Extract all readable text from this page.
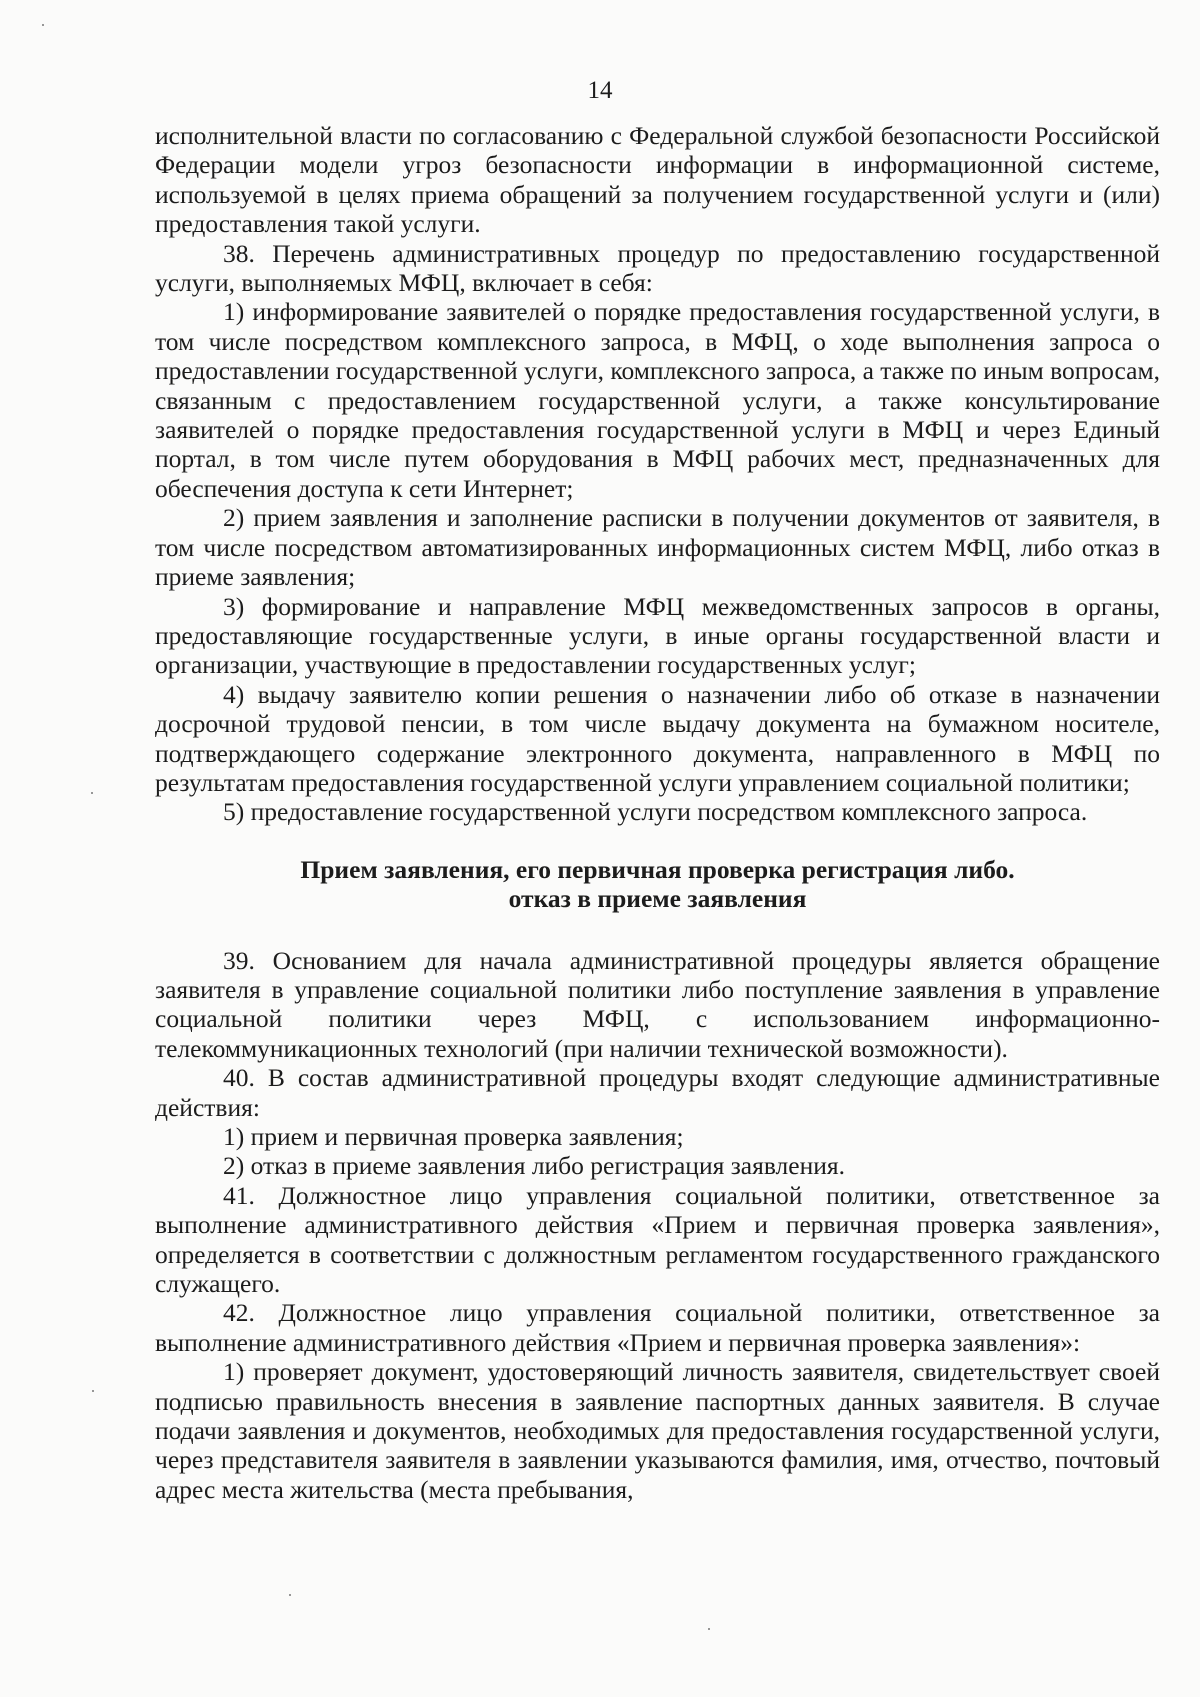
14

исполнительной власти по согласованию с Федеральной службой безопасности Российской Федерации модели угроз безопасности информации в информационной системе, используемой в целях приема обращений за получением государственной услуги и (или) предоставления такой услуги.

38. Перечень административных процедур по предоставлению государственной услуги, выполняемых МФЦ, включает в себя:

1) информирование заявителей о порядке предоставления государственной услуги, в том числе посредством комплексного запроса, в МФЦ, о ходе выполнения запроса о предоставлении государственной услуги, комплексного запроса, а также по иным вопросам, связанным с предоставлением государственной услуги, а также консультирование заявителей о порядке предоставления государственной услуги в МФЦ и через Единый портал, в том числе путем оборудования в МФЦ рабочих мест, предназначенных для обеспечения доступа к сети Интернет;

2) прием заявления и заполнение расписки в получении документов от заявителя, в том числе посредством автоматизированных информационных систем МФЦ, либо отказ в приеме заявления;

3) формирование и направление МФЦ межведомственных запросов в органы, предоставляющие государственные услуги, в иные органы государственной власти и организации, участвующие в предоставлении государственных услуг;

4) выдачу заявителю копии решения о назначении либо об отказе в назначении досрочной трудовой пенсии, в том числе выдачу документа на бумажном носителе, подтверждающего содержание электронного документа, направленного в МФЦ по результатам предоставления государственной услуги управлением социальной политики;

5) предоставление государственной услуги посредством комплексного запроса.

Прием заявления, его первичная проверка регистрация либо.
отказ в приеме заявления

39. Основанием для начала административной процедуры является обращение заявителя в управление социальной политики либо поступление заявления в управление социальной политики через МФЦ, с использованием информационно-телекоммуникационных технологий (при наличии технической возможности).

40. В состав административной процедуры входят следующие административные действия:

1) прием и первичная проверка заявления;

2) отказ в приеме заявления либо регистрация заявления.

41. Должностное лицо управления социальной политики, ответственное за выполнение административного действия «Прием и первичная проверка заявления», определяется в соответствии с должностным регламентом государственного гражданского служащего.

42. Должностное лицо управления социальной политики, ответственное за выполнение административного действия «Прием и первичная проверка заявления»:

1) проверяет документ, удостоверяющий личность заявителя, свидетельствует своей подписью правильность внесения в заявление паспортных данных заявителя. В случае подачи заявления и документов, необходимых для предоставления государственной услуги, через представителя заявителя в заявлении указываются фамилия, имя, отчество, почтовый адрес места жительства (места пребывания,
